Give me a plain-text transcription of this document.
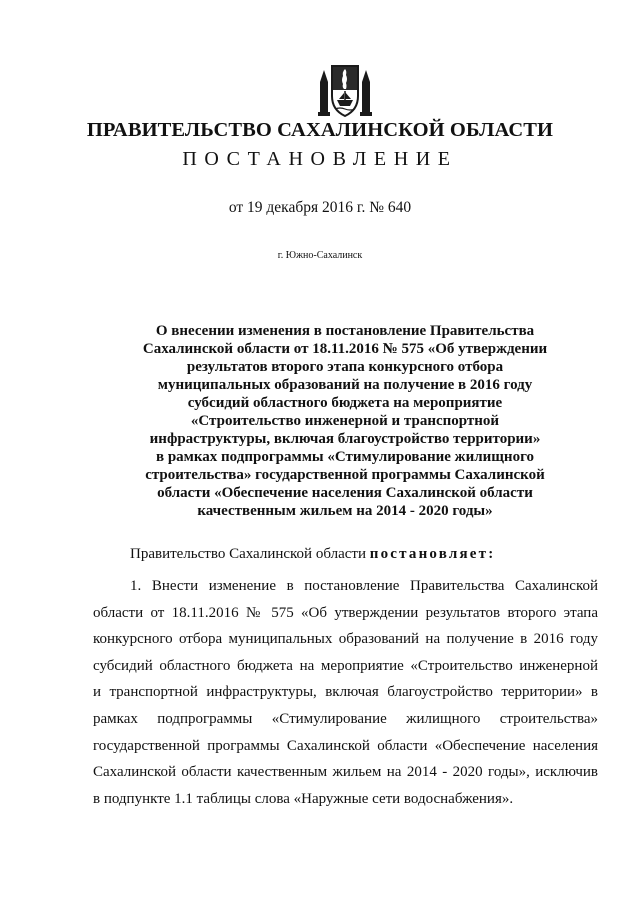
ПРАВИТЕЛЬСТВО САХАЛИНСКОЙ ОБЛАСТИ
ПОСТАНОВЛЕНИЕ
от 19 декабря 2016 г. № 640
г. Южно-Сахалинск
О внесении изменения в постановление Правительства
Сахалинской области от 18.11.2016 № 575 «Об утверждении
результатов второго этапа конкурсного отбора
муниципальных образований на получение в 2016 году
субсидий областного бюджета на мероприятие
«Строительство инженерной и транспортной
инфраструктуры, включая благоустройство территории»
в рамках подпрограммы «Стимулирование жилищного
строительства» государственной программы Сахалинской
области «Обеспечение населения Сахалинской области
качественным жильем на 2014 - 2020 годы»
Правительство Сахалинской области постановляет:
1. Внести изменение в постановление Правительства Сахалинской
области от 18.11.2016 № 575 «Об утверждении результатов второго этапа
конкурсного отбора муниципальных образований на получение в 2016 году
субсидий областного бюджета на мероприятие «Строительство инженерной
и транспортной инфраструктуры, включая благоустройство территории» в
рамках подпрограммы «Стимулирование жилищного строительства»
государственной программы Сахалинской области «Обеспечение населения
Сахалинской области качественным жильем на 2014 - 2020 годы», исключив
в подпункте 1.1 таблицы слова «Наружные сети водоснабжения».
